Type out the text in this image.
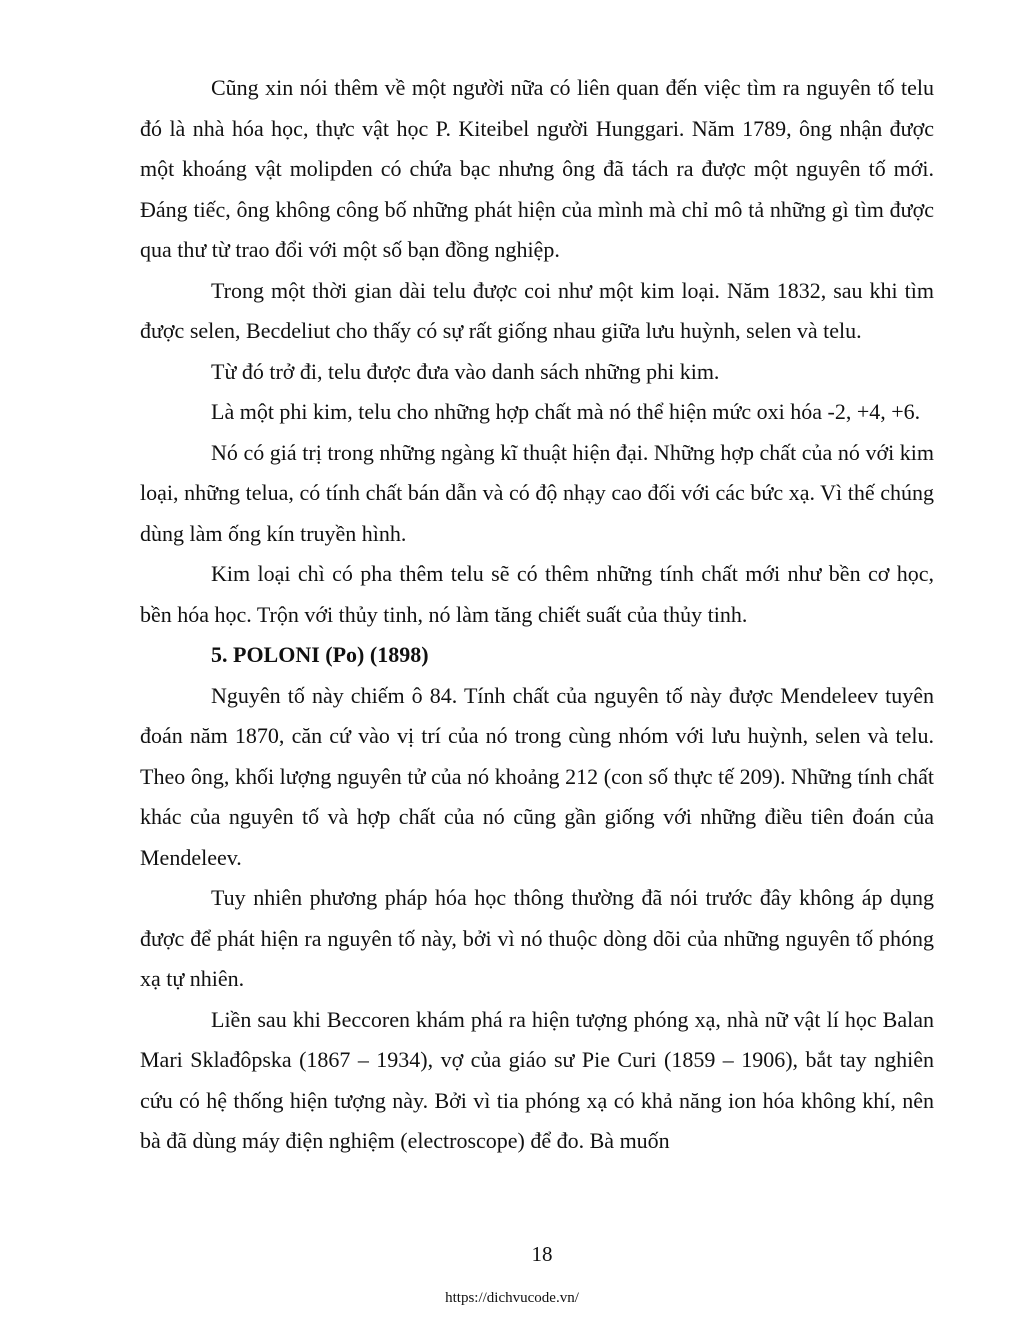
Cũng xin nói thêm về một người nữa có liên quan đến việc tìm ra nguyên tố telu đó là nhà hóa học, thực vật học P. Kiteibel người Hunggari. Năm 1789, ông nhận được một khoáng vật molipden có chứa bạc nhưng ông đã tách ra được một nguyên tố mới. Đáng tiếc, ông không công bố những phát hiện của mình mà chỉ mô tả những gì tìm được qua thư từ trao đổi với một số bạn đồng nghiệp.

Trong một thời gian dài telu được coi như một kim loại. Năm 1832, sau khi tìm được selen, Becdeliut cho thấy có sự rất giống nhau giữa lưu huỳnh, selen và telu.

Từ đó trở đi, telu được đưa vào danh sách những phi kim.

Là một phi kim, telu cho những hợp chất mà nó thể hiện mức oxi hóa -2, +4, +6.

Nó có giá trị trong những ngàng kĩ thuật hiện đại. Những hợp chất của nó với kim loại, những telua, có tính chất bán dẫn và có độ nhạy cao đối với các bức xạ. Vì thế chúng dùng làm ống kín truyền hình.

Kim loại chì có pha thêm telu sẽ có thêm những tính chất mới như bền cơ học, bền hóa học. Trộn với thủy tinh, nó làm tăng chiết suất của thủy tinh.

5. POLONI (Po) (1898)

Nguyên tố này chiếm ô 84. Tính chất của nguyên tố này được Mendeleev tuyên đoán năm 1870, căn cứ vào vị trí của nó trong cùng nhóm với lưu huỳnh, selen và telu. Theo ông, khối lượng nguyên tử của nó khoảng 212 (con số thực tế 209). Những tính chất khác của nguyên tố và hợp chất của nó cũng gần giống với những điều tiên đoán của Mendeleev.

Tuy nhiên phương pháp hóa học thông thường đã nói trước đây không áp dụng được để phát hiện ra nguyên tố này, bởi vì nó thuộc dòng dõi của những nguyên tố phóng xạ tự nhiên.

Liền sau khi Beccoren khám phá ra hiện tượng phóng xạ, nhà nữ vật lí học Balan Mari Sklađôpska (1867 – 1934), vợ của giáo sư Pie Curi (1859 – 1906), bắt tay nghiên cứu có hệ thống hiện tượng này. Bởi vì tia phóng xạ có khả năng ion hóa không khí, nên bà đã dùng máy điện nghiệm (electroscope) để đo. Bà muốn

18
https://dichvucode.vn/
